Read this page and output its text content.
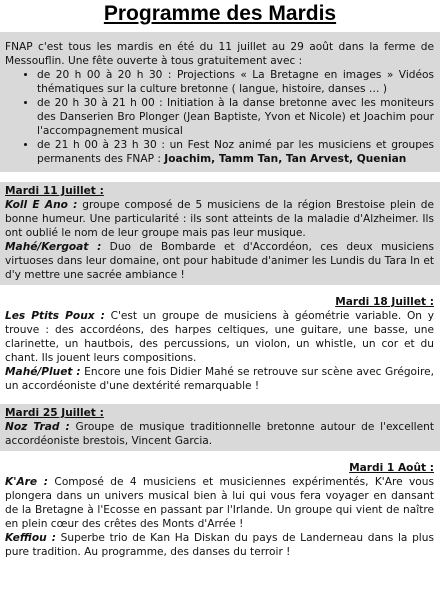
Programme des Mardis
FNAP c'est tous les mardis en été du 11 juillet au 29 août dans la ferme de Messouflin. Une fête ouverte à tous gratuitement avec :
• de 20 h 00 à 20 h 30 : Projections « La Bretagne en images » Vidéos thématiques sur la culture bretonne ( langue, histoire, danses … )
• de 20 h 30 à 21 h 00 : Initiation à la danse bretonne avec les moniteurs des Danserien Bro Plonger (Jean Baptiste, Yvon et Nicole) et Joachim pour l'accompagnement musical
• de 21 h 00 à 23 h 30 : un Fest Noz animé par les musiciens et groupes permanents des FNAP : Joachim, Tamm Tan, Tan Arvest, Quenian
Mardi 11 Juillet :
Koll E Ano : groupe composé de 5 musiciens de la région Brestoise plein de bonne humeur. Une particularité : ils sont atteints de la maladie d'Alzheimer. Ils ont oublié le nom de leur groupe mais pas leur musique.
Mahé/Kergoat : Duo de Bombarde et d'Accordéon, ces deux musiciens virtuoses dans leur domaine, ont pour habitude d'animer les Lundis du Tara In et d'y mettre une sacrée ambiance !
Mardi 18 Juillet :
Les Ptits Poux : C'est un groupe de musiciens à géométrie variable. On y trouve : des accordéons, des harpes celtiques, une guitare, une basse, une clarinette, un hautbois, des percussions, un violon, un whistle, un cor et du chant. Ils jouent leurs compositions.
Mahé/Pluet : Encore une fois Didier Mahé se retrouve sur scène avec Grégoire, un accordéoniste d'une dextérité remarquable !
Mardi 25 Juillet :
Noz Trad : Groupe de musique traditionnelle bretonne autour de l'excellent accordéoniste brestois, Vincent Garcia.
Mardi 1 Août :
K'Are : Composé de 4 musiciens et musiciennes expérimentés, K'Are vous plongera dans un univers musical bien à lui qui vous fera voyager en dansant de la Bretagne à l'Ecosse en passant par l'Irlande. Un groupe qui vient de naître en plein cœur des crêtes des Monts d'Arrée !
Keffiou : Superbe trio de Kan Ha Diskan du pays de Landerneau dans la plus pure tradition. Au programme, des danses du terroir !
